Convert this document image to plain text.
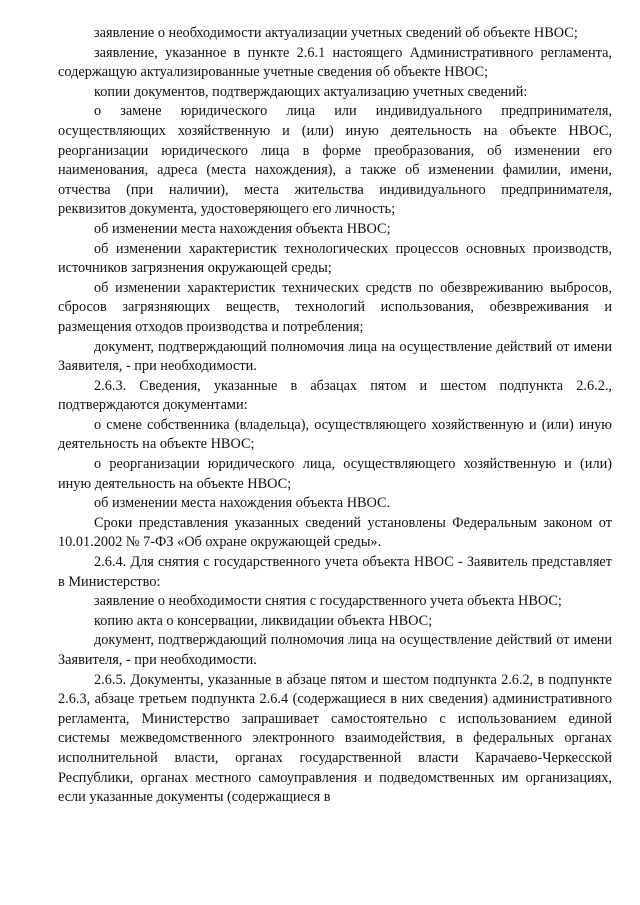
заявление о необходимости актуализации учетных сведений об объекте НВОС;

заявление, указанное в пункте 2.6.1 настоящего Административного регламента, содержащую актуализированные учетные сведения об объекте НВОС;

копии документов, подтверждающих актуализацию учетных сведений:

о замене юридического лица или индивидуального предпринимателя, осуществляющих хозяйственную и (или) иную деятельность на объекте НВОС, реорганизации юридического лица в форме преобразования, об изменении его наименования, адреса (места нахождения), а также об изменении фамилии, имени, отчества (при наличии), места жительства индивидуального предпринимателя, реквизитов документа, удостоверяющего его личность;

об изменении места нахождения объекта НВОС;

об изменении характеристик технологических процессов основных производств, источников загрязнения окружающей среды;

об изменении характеристик технических средств по обезвреживанию выбросов, сбросов загрязняющих веществ, технологий использования, обезвреживания и размещения отходов производства и потребления;

документ, подтверждающий полномочия лица на осуществление действий от имени Заявителя, - при необходимости.

2.6.3. Сведения, указанные в абзацах пятом и шестом подпункта 2.6.2., подтверждаются документами:

о смене собственника (владельца), осуществляющего хозяйственную и (или) иную деятельность на объекте НВОС;

о реорганизации юридического лица, осуществляющего хозяйственную и (или) иную деятельность на объекте НВОС;

об изменении места нахождения объекта НВОС.

Сроки представления указанных сведений установлены Федеральным законом от 10.01.2002 № 7-ФЗ «Об охране окружающей среды».

2.6.4. Для снятия с государственного учета объекта НВОС - Заявитель представляет в Министерство:

заявление о необходимости снятия с государственного учета объекта НВОС;

копию акта о консервации, ликвидации объекта НВОС;

документ, подтверждающий полномочия лица на осуществление действий от имени Заявителя, - при необходимости.

2.6.5. Документы, указанные в абзаце пятом и шестом подпункта 2.6.2, в подпункте 2.6.3, абзаце третьем подпункта 2.6.4 (содержащиеся в них сведения) административного регламента, Министерство запрашивает самостоятельно с использованием единой системы межведомственного электронного взаимодействия, в федеральных органах исполнительной власти, органах государственной власти Карачаево-Черкесской Республики, органах местного самоуправления и подведомственных им организациях, если указанные документы (содержащиеся в
